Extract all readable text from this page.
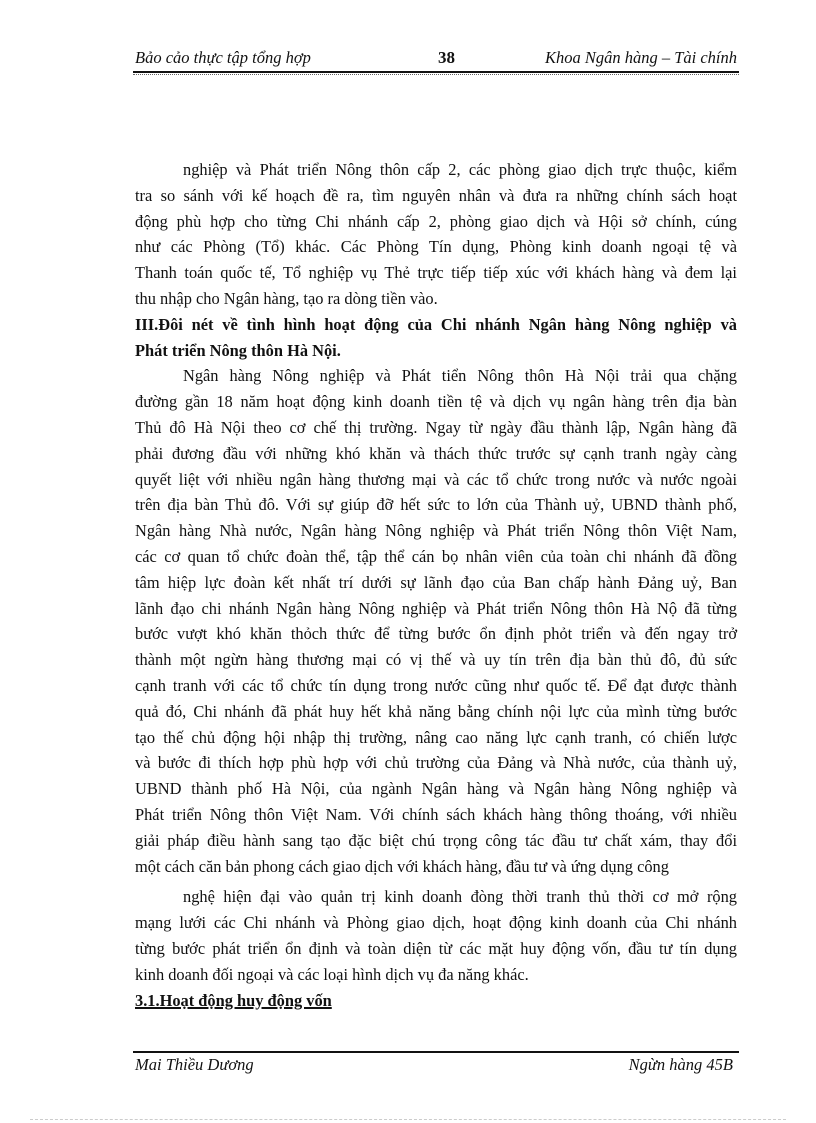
Bảo cảo thực tập tổng hợp	38	Khoa Ngân hàng – Tài chính
nghiệp và Phát triển Nông thôn cấp 2, các phòng giao dịch trực thuộc, kiểm
tra so sánh với kế hoạch đề ra, tìm nguyên nhân và đưa ra những chính sách hoạt
động phù hợp cho từng Chi nhánh cấp 2, phòng giao dịch và Hội sở chính, cúng
như các Phòng (Tổ) khác. Các Phòng Tín dụng, Phòng kinh doanh ngoại tệ và
Thanh toán quốc tế, Tổ nghiệp vụ Thẻ trực tiếp tiếp xúc với khách hàng và đem lại
thu nhập cho Ngân hàng, tạo ra dòng tiền vào.
III.Đôi nét về tình hình hoạt động của Chi nhánh Ngân hàng Nông nghiệp và
Phát triển Nông thôn Hà Nội.
Ngân hàng Nông nghiệp và Phát tiển Nông thôn Hà Nội trải qua chặng
đường gần 18 năm hoạt động kinh doanh tiền tệ và dịch vụ ngân hàng trên địa bàn
Thủ đô Hà Nội theo cơ chế thị trường. Ngay từ ngày đầu thành lập, Ngân hàng đã
phải đương đầu với những khó khăn và thách thức trước sự cạnh tranh ngày càng
quyết liệt với nhiều ngân hàng thương mại và các tổ chức trong nước và nước ngoài
trên địa bàn Thủ đô. Với sự giúp đỡ hết sức to lớn của Thành uỷ, UBND thành phố,
Ngân hàng Nhà nước, Ngân hàng Nông nghiệp và Phát triển Nông thôn Việt Nam,
các cơ quan tổ chức đoàn thể, tập thể cán bọ nhân viên của toàn chi nhánh đã đồng
tâm hiệp lực đoàn kết nhất trí dưới sự lãnh đạo của Ban chấp hành Đảng uỷ, Ban
lãnh đạo chi nhánh Ngân hàng Nông nghiệp và Phát triển Nông thôn Hà Nộ đã từng
bước vượt khó khăn thỏch thức để từng bước ổn định phỏt triển và đến ngay trở
thành một ngừn hàng thương mại có vị thế và uy tín trên địa bàn thủ đô, đủ sức
cạnh tranh với các tổ chức tín dụng trong nước cũng như quốc tế. Để đạt được thành
quả đó, Chi nhánh đã phát huy hết khả năng bằng chính nội lực của mình từng bước
tạo thế chủ động hội nhập thị trường, nâng cao năng lực cạnh tranh, có chiến lược
và bước đi thích hợp phù hợp với chủ trường của Đảng và Nhà nước, của thành uỷ,
UBND thành phố Hà Nội, của ngành Ngân hàng và Ngân hàng Nông nghiệp và
Phát triển Nông thôn Việt Nam. Với chính sách khách hàng thông thoáng, với nhiều
giải pháp điều hành sang tạo đặc biệt chú trọng công tác đầu tư chất xám, thay đổi
một cách căn bản phong cách giao dịch với khách hàng, đầu tư và ứng dụng công
nghệ hiện đại vào quản trị kinh doanh đòng thời tranh thủ thời cơ mở rộng
mạng lưới các Chi nhánh và Phòng giao dịch, hoạt động kinh doanh của Chi nhánh
từng bước phát triển ổn định và toàn diện từ các mặt huy động vốn, đầu tư tín dụng
kinh doanh đối ngoại và các loại hình dịch vụ đa năng khác.
3.1.Hoạt động huy động vốn
Mai Thiều Dương	Ngừn hàng 45B
